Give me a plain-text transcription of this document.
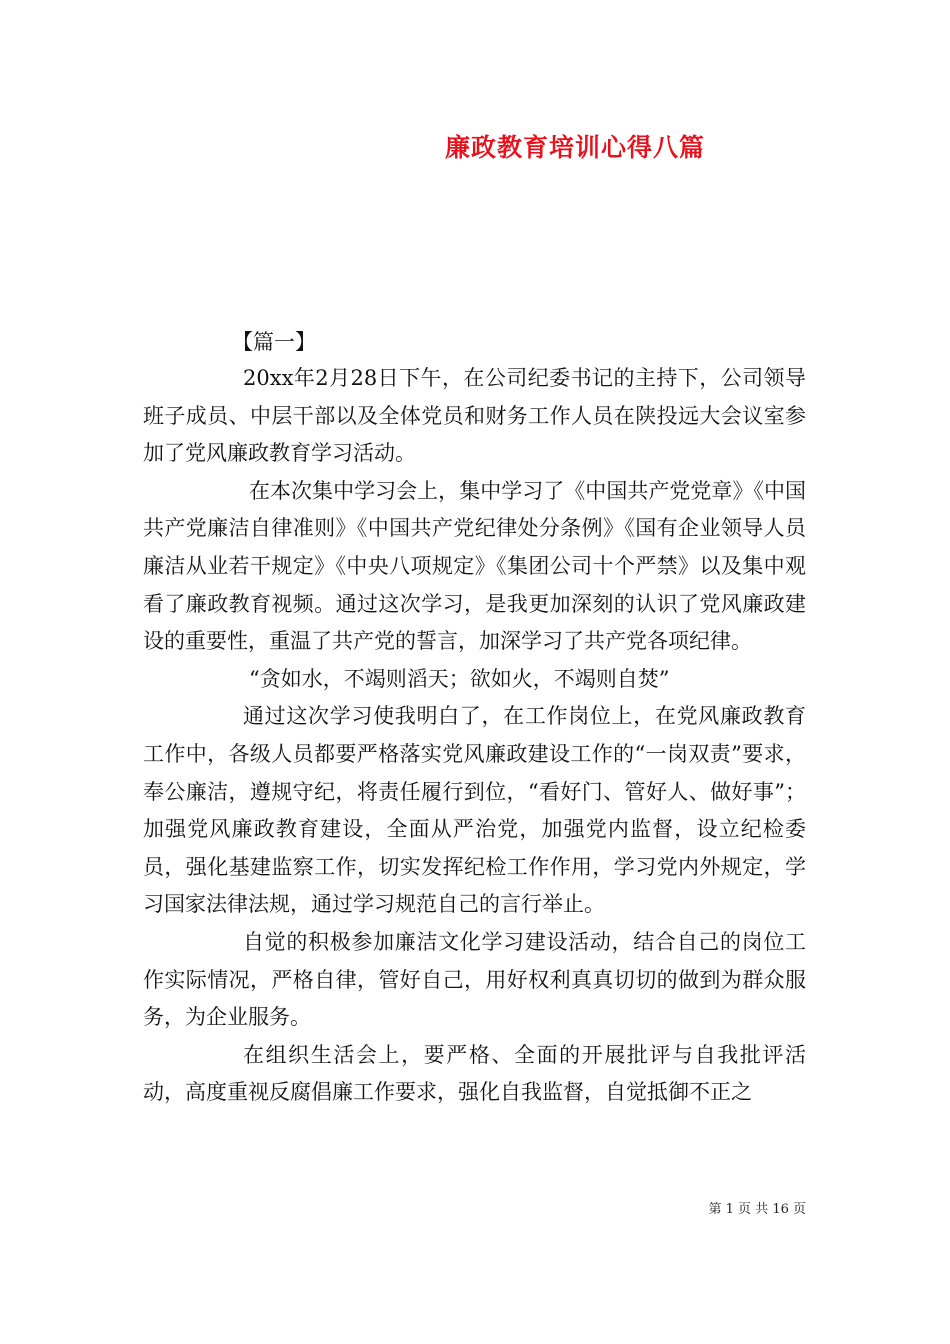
廉政教育培训心得八篇
【篇一】

20xx年2月28日下午，在公司纪委书记的主持下，公司领导班子成员、中层干部以及全体党员和财务工作人员在陕投远大会议室参加了党风廉政教育学习活动。

在本次集中学习会上，集中学习了《中国共产党党章》《中国共产党廉洁自律准则》《中国共产党纪律处分条例》《国有企业领导人员廉洁从业若干规定》《中央八项规定》《集团公司十个严禁》以及集中观看了廉政教育视频。通过这次学习，是我更加深刻的认识了党风廉政建设的重要性，重温了共产党的誓言，加深学习了共产党各项纪律。

“贪如水，不竭则滔天；欲如火，不竭则自焚”

通过这次学习使我明白了，在工作岗位上，在党风廉政教育工作中，各级人员都要严格落实党风廉政建设工作的“一岗双责”要求，奉公廉洁，遵规守纪，将责任履行到位，“看好门、管好人、做好事”；加强党风廉政教育建设，全面从严治党，加强党内监督，设立纪检委员，强化基建监察工作，切实发挥纪检工作作用，学习党内外规定，学习国家法律法规，通过学习规范自己的言行举止。

自觉的积极参加廉洁文化学习建设活动，结合自己的岗位工作实际情况，严格自律，管好自己，用好权利真真切切的做到为群众服务，为企业服务。

在组织生活会上，要严格、全面的开展批评与自我批评活动，高度重视反腐倡廉工作要求，强化自我监督，自觉抵御不正之

第 1 页 共 16 页
